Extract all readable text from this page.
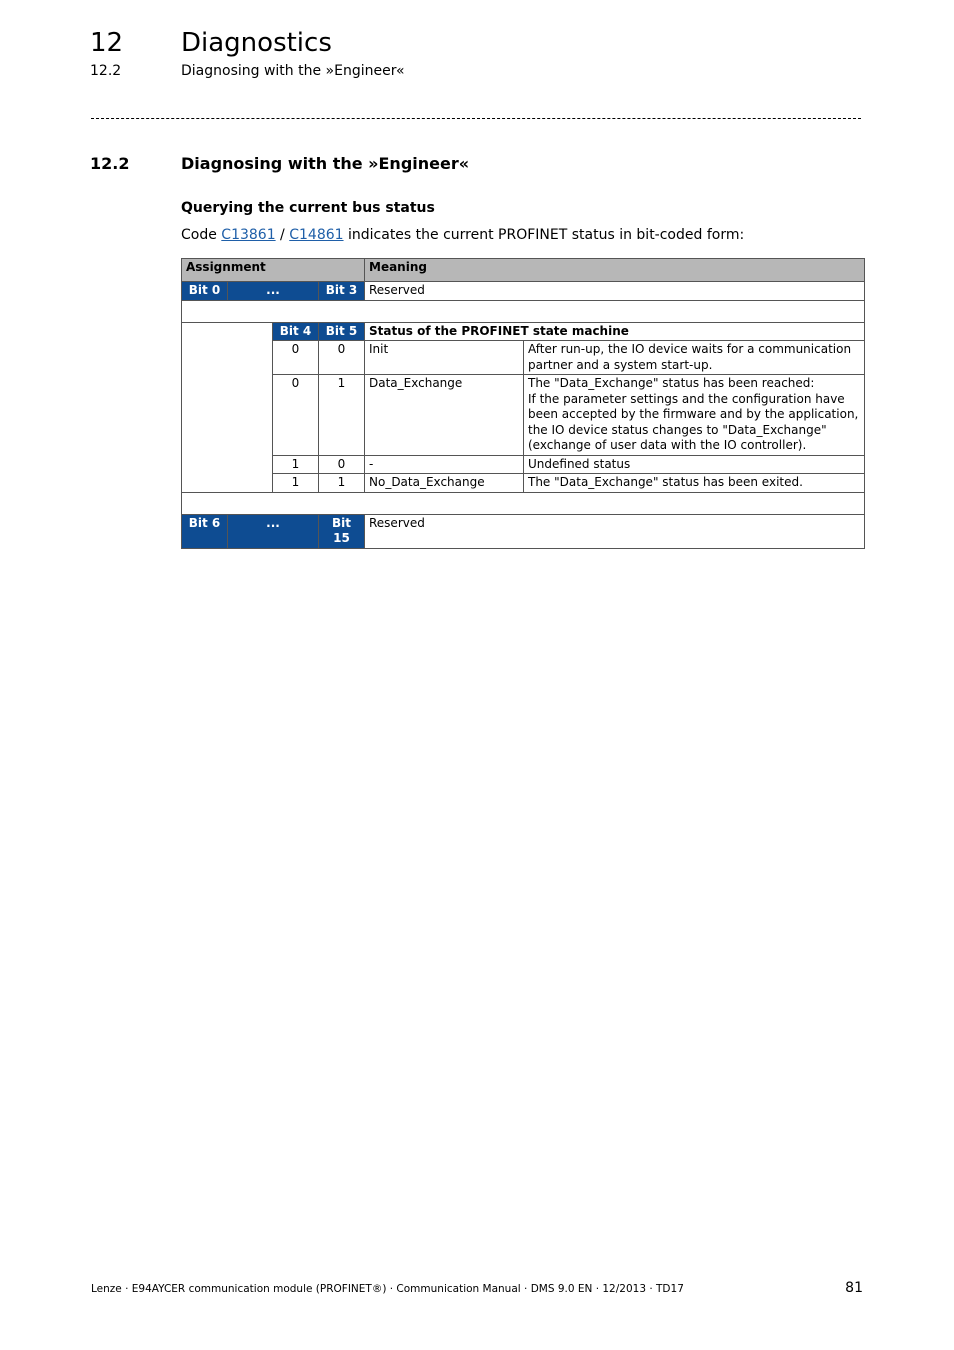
12 Diagnostics
12.2	Diagnosing with the »Engineer«
12.2	Diagnosing with the »Engineer«
Querying the current bus status
Code C13861 / C14861 indicates the current PROFINET status in bit-coded form:
Assignment				Meaning	
Bit 0	...		Bit 3	Reserved	

		Bit 4	Bit 5	Status of the PROFINET state machine	
		0	0	Init	After run-up, the IO device waits for a communication partner and a system start-up.
		0	1	Data_Exchange	The "Data_Exchange" status has been reached:
If the parameter settings and the configuration have been accepted by the firmware and by the application, the IO device status changes to "Data_Exchange" (exchange of user data with the IO controller).

		1	0	-	Undefined status
		1	1	No_Data_Exchange	The "Data_Exchange" status has been exited.

Bit 6	...		Bit 15	Reserved	
Lenze · E94AYCER communication module (PROFINET®) · Communication Manual · DMS 9.0 EN · 12/2013 · TD17	81
